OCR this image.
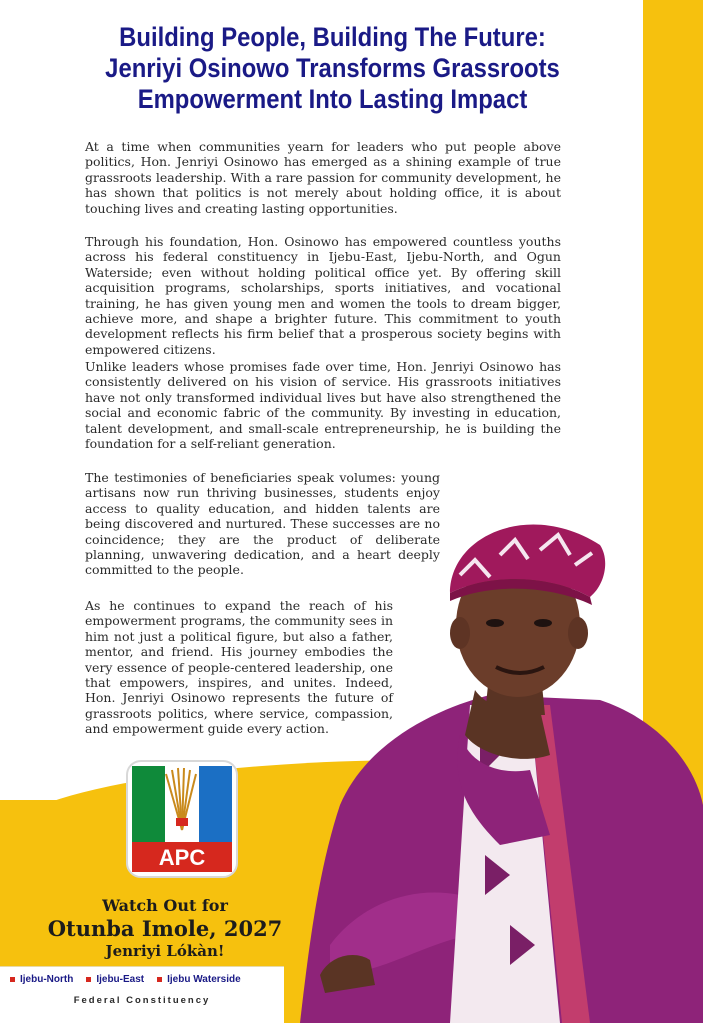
Building People, Building The Future:
Jenriyi Osinowo Transforms Grassroots
Empowerment Into Lasting Impact

At a time when communities yearn for leaders who put people above politics, Hon. Jenriyi Osinowo has emerged as a shining example of true grassroots leadership. With a rare passion for community development, he has shown that politics is not merely about holding office, it is about touching lives and creating lasting opportunities.

Through his foundation, Hon. Osinowo has empowered countless youths across his federal constituency in Ijebu-East, Ijebu-North, and Ogun Waterside; even without holding political office yet. By offering skill acquisition programs, scholarships, sports initiatives, and vocational training, he has given young men and women the tools to dream bigger, achieve more, and shape a brighter future. This commitment to youth development reflects his firm belief that a prosperous society begins with empowered citizens.

Unlike leaders whose promises fade over time, Hon. Jenriyi Osinowo has consistently delivered on his vision of service. His grassroots initiatives have not only transformed individual lives but have also strengthened the social and economic fabric of the community. By investing in education, talent development, and small-scale entrepreneurship, he is building the foundation for a self-reliant generation.

The testimonies of beneficiaries speak volumes: young artisans now run thriving businesses, students enjoy access to quality education, and hidden talents are being discovered and nurtured. These successes are no coincidence; they are the product of deliberate planning, unwavering dedication, and a heart deeply committed to the people.

As he continues to expand the reach of his empowerment programs, the community sees in him not just a political figure, but also a father, mentor, and friend. His journey embodies the very essence of people-centered leadership, one that empowers, inspires, and unites. Indeed, Hon. Jenriyi Osinowo represents the future of grassroots politics, where service, compassion, and empowerment guide every action.

APC
Watch Out for
Otunba Imole, 2027
Jenriyi Lókàn!
Ijebu-North Ijebu-East Ijebu Waterside
Federal Constituency
